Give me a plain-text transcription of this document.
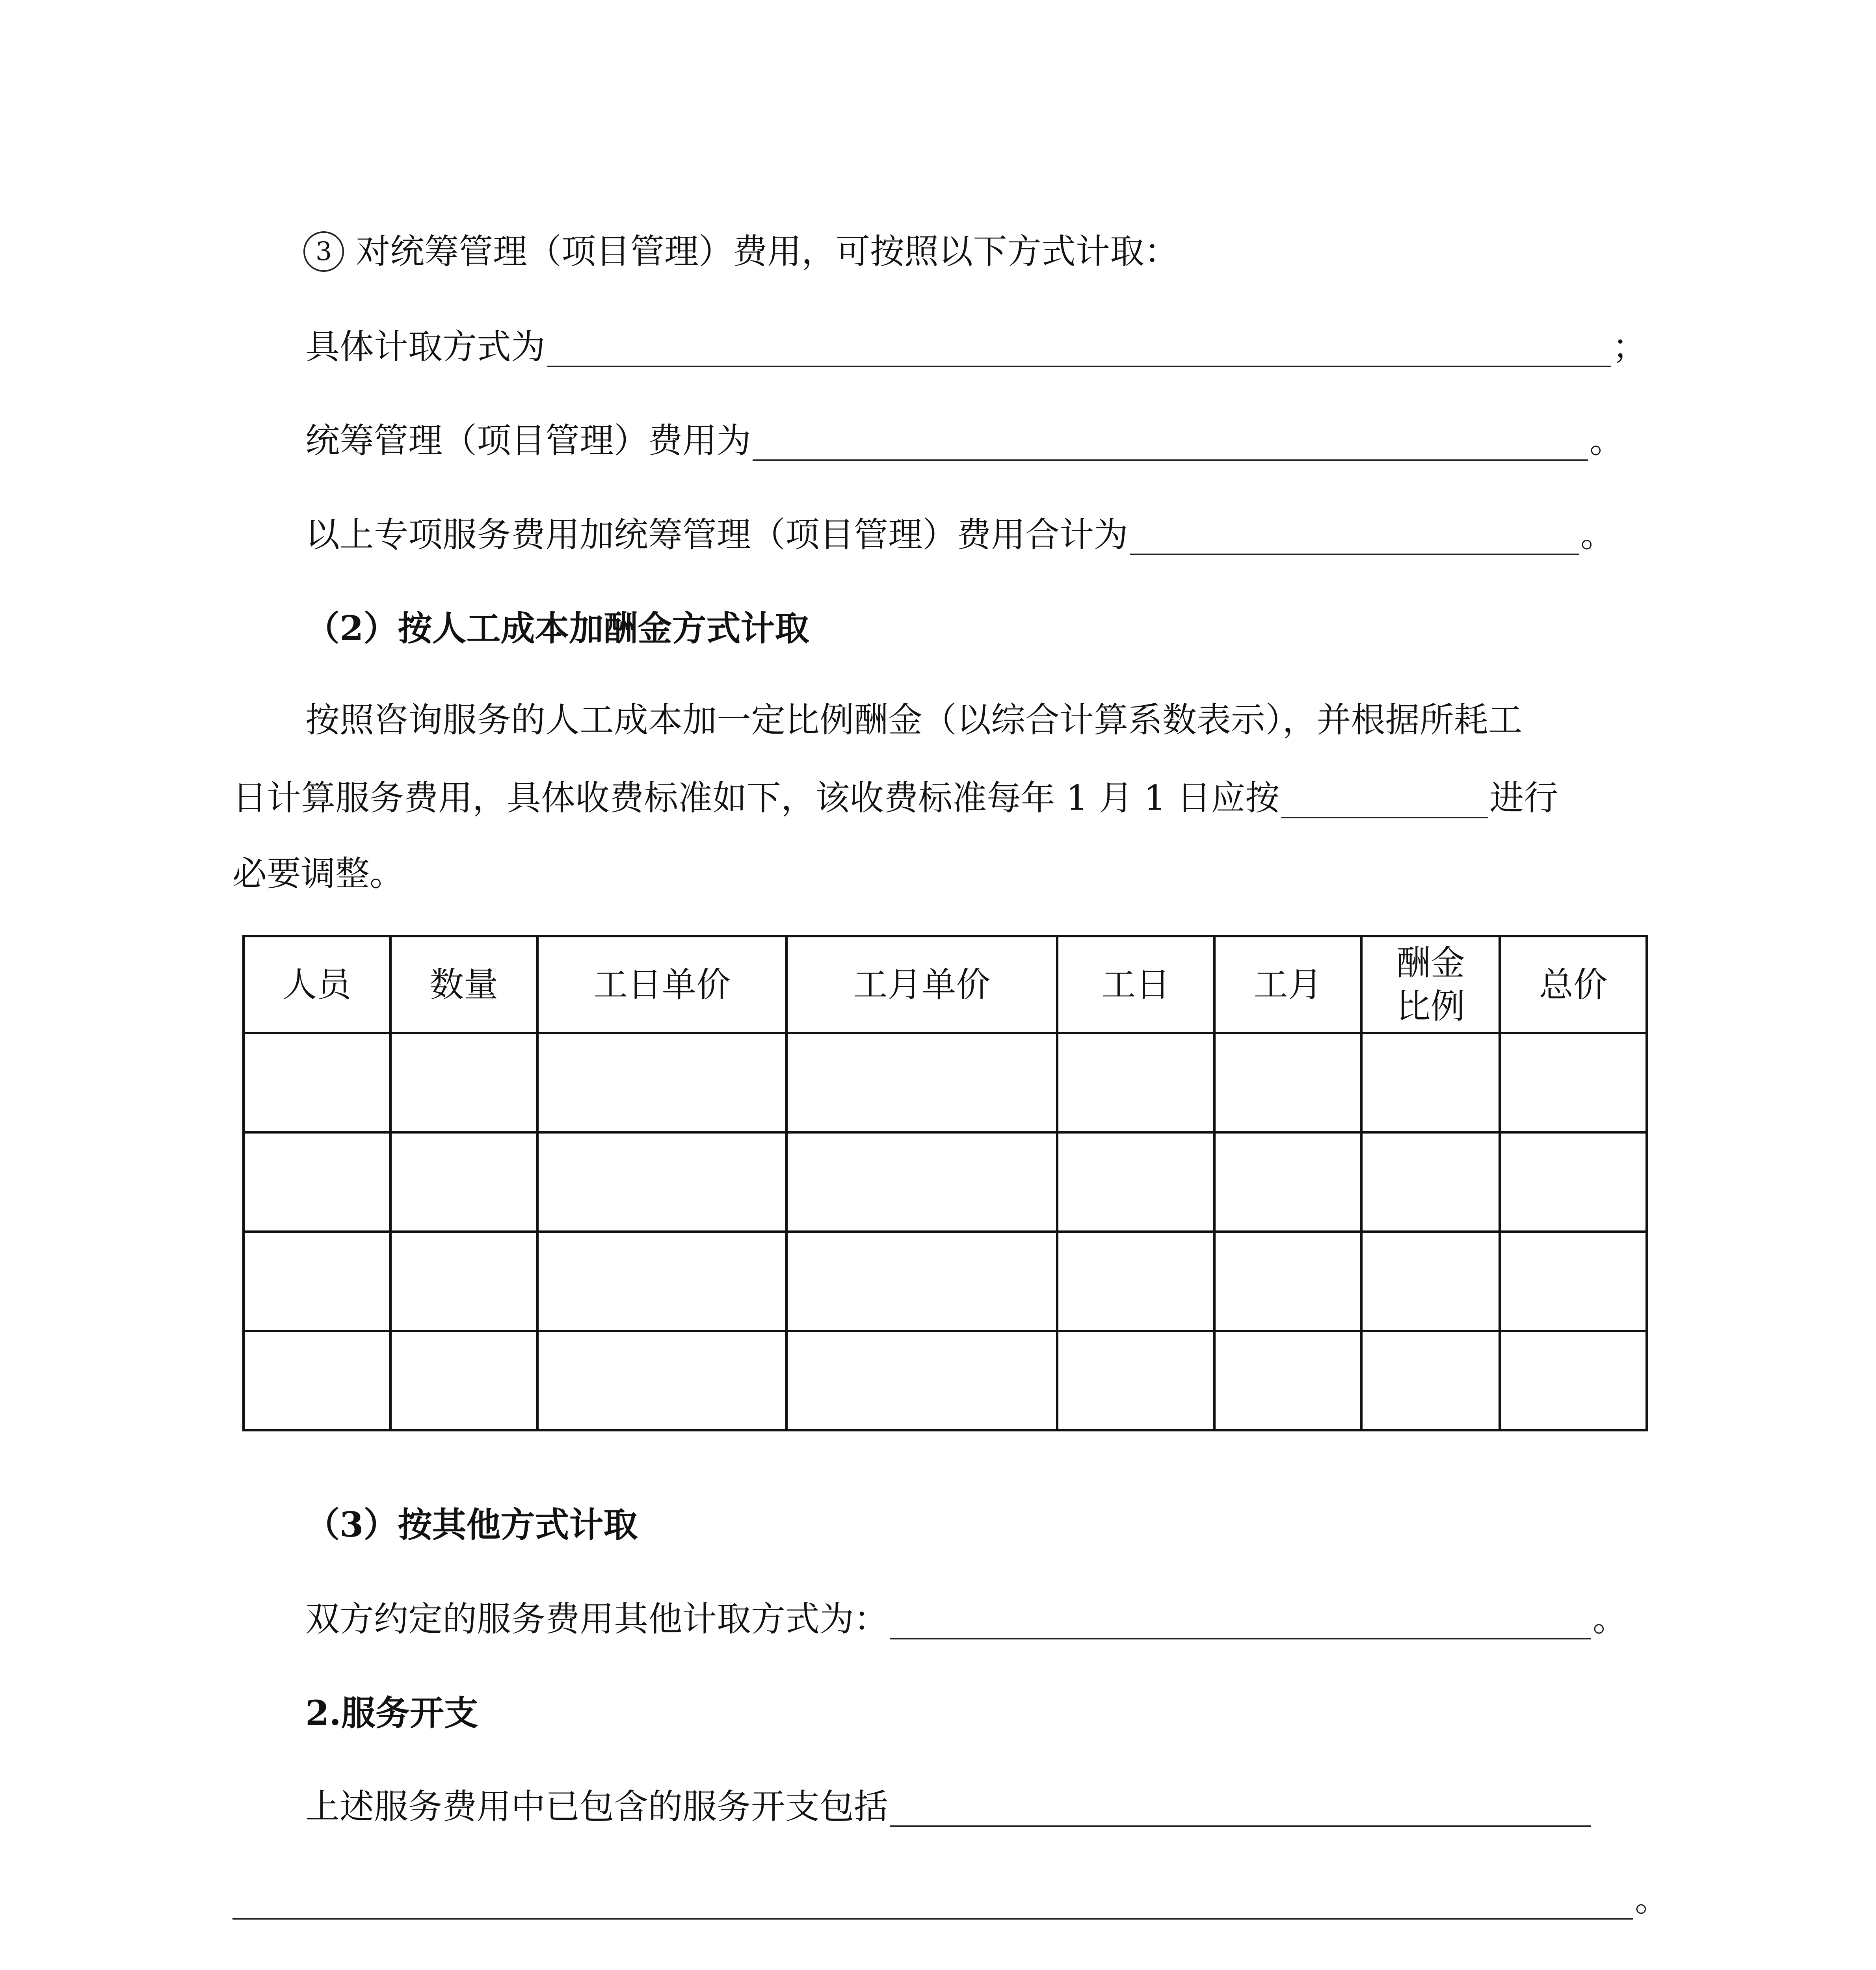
3 对统筹管理（项目管理）费用，可按照以下方式计取：
具体计取方式为	；
统筹管理（项目管理）费用为	。
以上专项服务费用加统筹管理（项目管理）费用合计为	。
（2）按人工成本加酬金方式计取
按照咨询服务的人工成本加一定比例酬金（以综合计算系数表示），并根据所耗工
日计算服务费用，具体收费标准如下，该收费标准每年 1 月 1 日应按	进行
必要调整。
人员	数量	工日单价	工月单价	工日	工月	酬金
比例	总价

（3）按其他方式计取
双方约定的服务费用其他计取方式为：	。
2.服务开支
上述服务费用中已包含的服务开支包括
。
